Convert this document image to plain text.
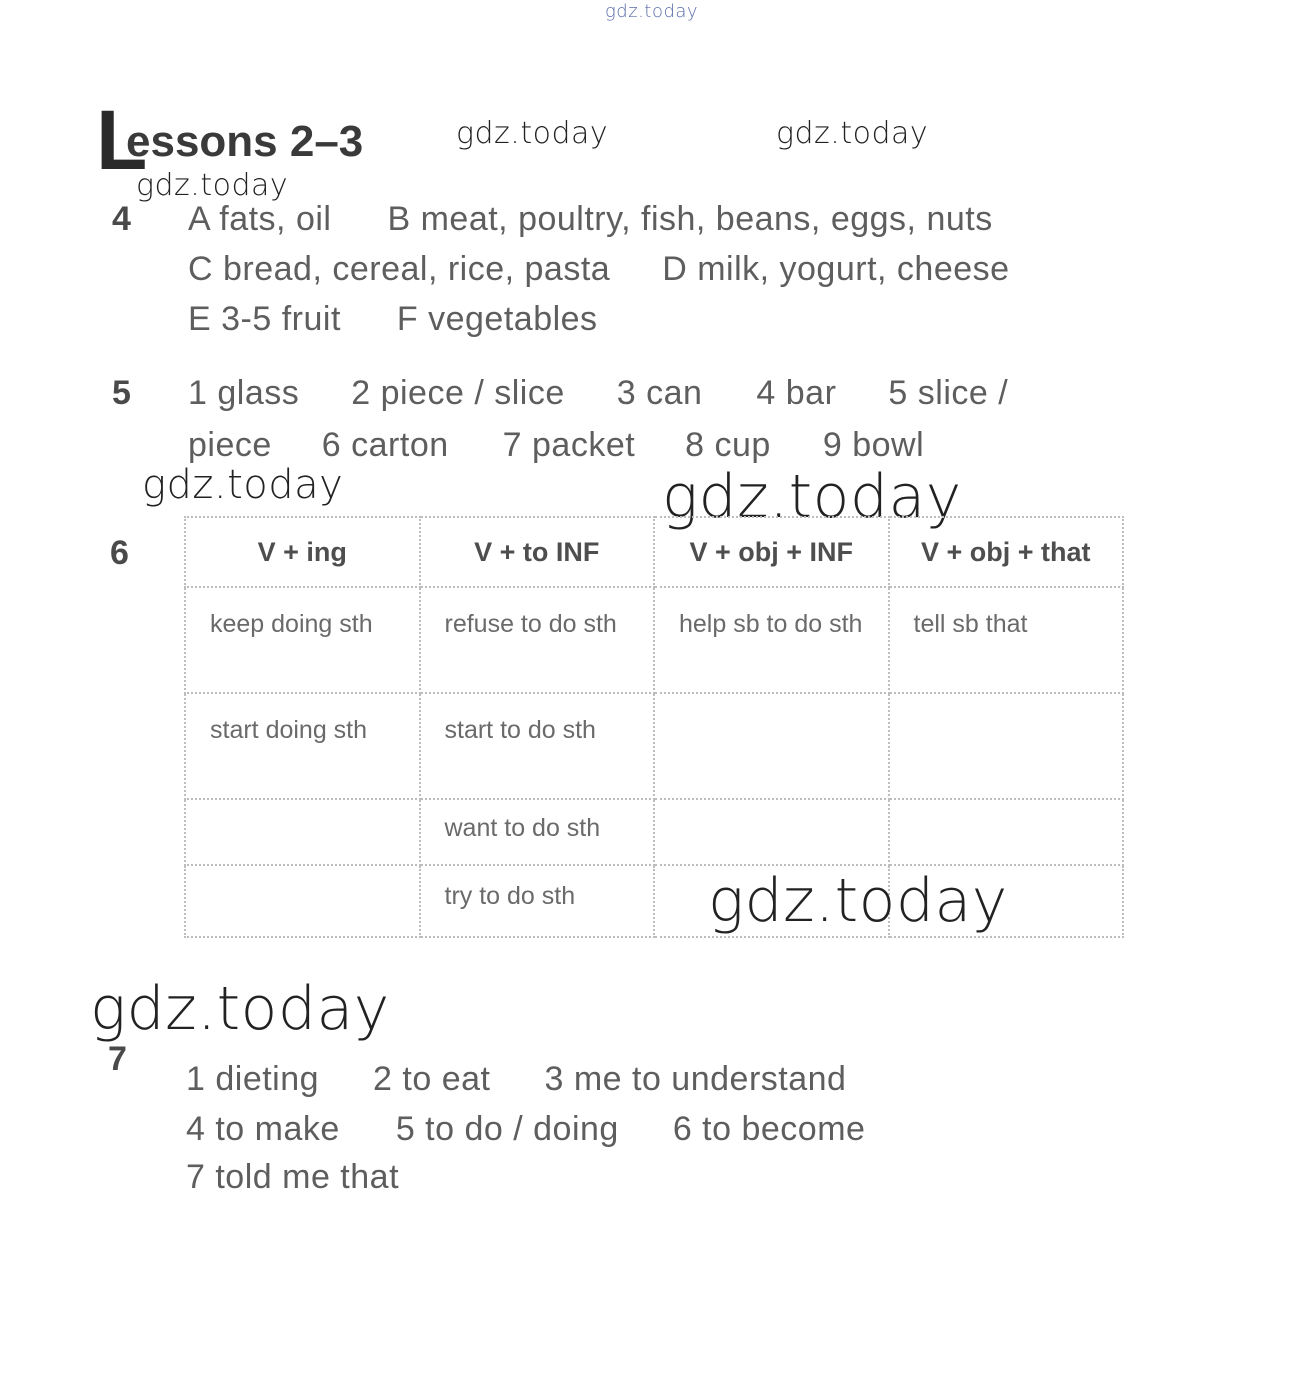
gdz.today
L
essons 2–3	gdz.today	gdz.today
gdz.today
4 A fats, oil B meat, poultry, fish, beans, eggs, nuts
C bread, cereal, rice, pasta D milk, yogurt, cheese
E 3-5 fruit F vegetables
5 1 glass 2 piece / slice 3 can 4 bar 5 slice /
piece 6 carton 7 packet 8 cup 9 bowl
gdz.today	gdz.today
6	V + ing	V + to INF	V + obj + INF	V + obj + that
keep doing sth	refuse to do sth	help sb to do sth	tell sb that
start doing sth	start to do sth		
	want to do sth		
	try to do sth		gdz.today
gdz.today
7
1 dieting 2 to eat 3 me to understand
4 to make 5 to do / doing 6 to become
7 told me that
